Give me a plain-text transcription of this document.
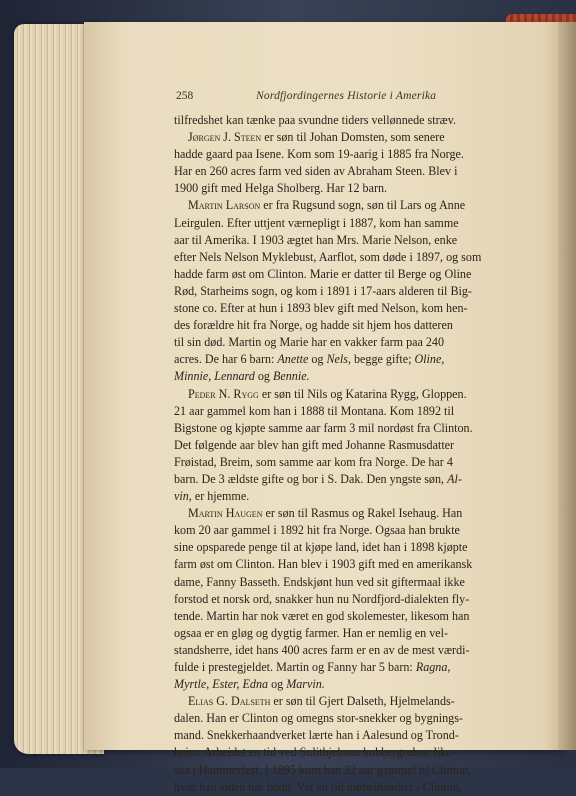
258	Nordfjordingernes Historie i Amerika
tilfredshet kan tænke paa svundne tiders vellønnede stræv.
Jørgen J. Steen er søn til Johan Domsten, som senere
hadde gaard paa Isene. Kom som 19-aarig i 1885 fra Norge.
Har en 260 acres farm ved siden av Abraham Steen. Blev i
1900 gift med Helga Sholberg. Har 12 barn.
Martin Larson er fra Rugsund sogn, søn til Lars og Anne
Leirgulen. Efter uttjent værnepligt i 1887, kom han samme
aar til Amerika. I 1903 ægtet han Mrs. Marie Nelson, enke
efter Nels Nelson Myklebust, Aarflot, som døde i 1897, og som
hadde farm øst om Clinton. Marie er datter til Berge og Oline
Rød, Starheims sogn, og kom i 1891 i 17-aars alderen til Big-
stone co. Efter at hun i 1893 blev gift med Nelson, kom hen-
des forældre hit fra Norge, og hadde sit hjem hos datteren
til sin død. Martin og Marie har en vakker farm paa 240
acres. De har 6 barn: Anette og Nels, begge gifte; Oline,
Minnie, Lennard og Bennie.
Peder N. Rygg er søn til Nils og Katarina Rygg, Gloppen.
21 aar gammel kom han i 1888 til Montana. Kom 1892 til
Bigstone og kjøpte samme aar farm 3 mil nordøst fra Clinton.
Det følgende aar blev han gift med Johanne Rasmusdatter
Frøistad, Breim, som samme aar kom fra Norge. De har 4
barn. De 3 ældste gifte og bor i S. Dak. Den yngste søn, Al-
vin, er hjemme.
Martin Haugen er søn til Rasmus og Rakel Isehaug. Han
kom 20 aar gammel i 1892 hit fra Norge. Ogsaa han brukte
sine opsparede penge til at kjøpe land, idet han i 1898 kjøpte
farm øst om Clinton. Han blev i 1903 gift med en amerikansk
dame, Fanny Basseth. Endskjønt hun ved sit giftermaal ikke
forstod et norsk ord, snakker hun nu Nordfjord-dialekten fly-
tende. Martin har nok været en god skolemester, likesom han
ogsaa er en gløg og dygtig farmer. Han er nemlig en vel-
standsherre, idet hans 400 acres farm er en av de mest værdi-
fulde i prestegjeldet. Martin og Fanny har 5 barn: Ragna,
Myrtle, Ester, Edna og Marvin.
Elias G. Dalseth er søn til Gjert Dalseth, Hjelmelands-
dalen. Han er Clinton og omegns stor-snekker og bygnings-
mand. Snekkerhaandverket lærte han i Aalesund og Trond-
heim. Arbeidet en tid ved Sulithjelmas kobbergruber, like-
saa i Hammerfest. I 1895 kom han 22 aar gammel til Clinton,
hvor han siden har bodd. Var en tid møbelhandler i Clinton,
